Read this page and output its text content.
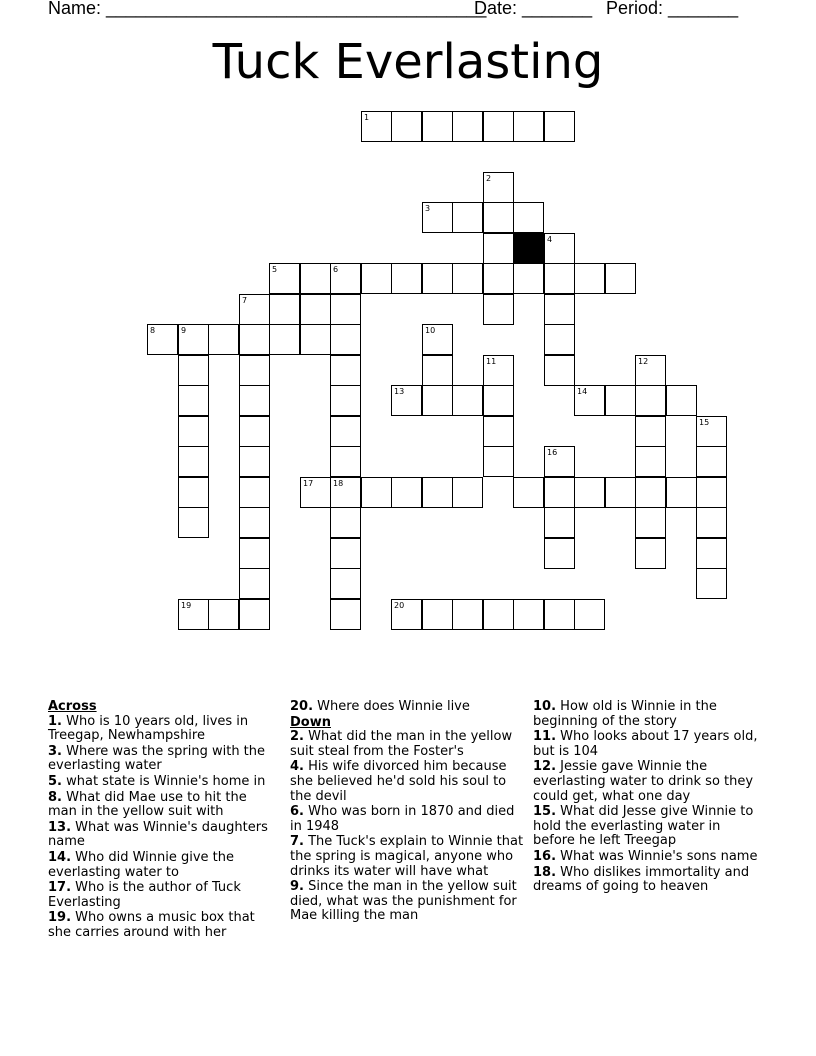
Name: ______________________________________
Date: _______ Period: _______
Tuck Everlasting
1
2
3
4
5	6
7
8	9	10
11
13
12
14
15
16
17 18
19	20
Across
1. Who is 10 years old, lives in Treegap, Newhampshire
3. Where was the spring with the everlasting water
5. what state is Winnie's home in
8. What did Mae use to hit the man in the yellow suit with
13. What was Winnie's daughters name
14. Who did Winnie give the everlasting water to
17. Who is the author of Tuck Everlasting
19. Who owns a music box that she carries around with her
20. Where does Winnie live
Down
2. What did the man in the yellow suit steal from the Foster's
4. His wife divorced him because she believed he'd sold his soul to the devil
6. Who was born in 1870 and died in 1948
7. The Tuck's explain to Winnie that the spring is magical, anyone who drinks its water will have what
9. Since the man in the yellow suit died, what was the punishment for Mae killing the man
10. How old is Winnie in the beginning of the story
11. Who looks about 17 years old, but is 104
12. Jessie gave Winnie the everlasting water to drink so they could get, what one day
15. What did Jesse give Winnie to hold the everlasting water in before he left Treegap
16. What was Winnie's sons name
18. Who dislikes immortality and dreams of going to heaven
